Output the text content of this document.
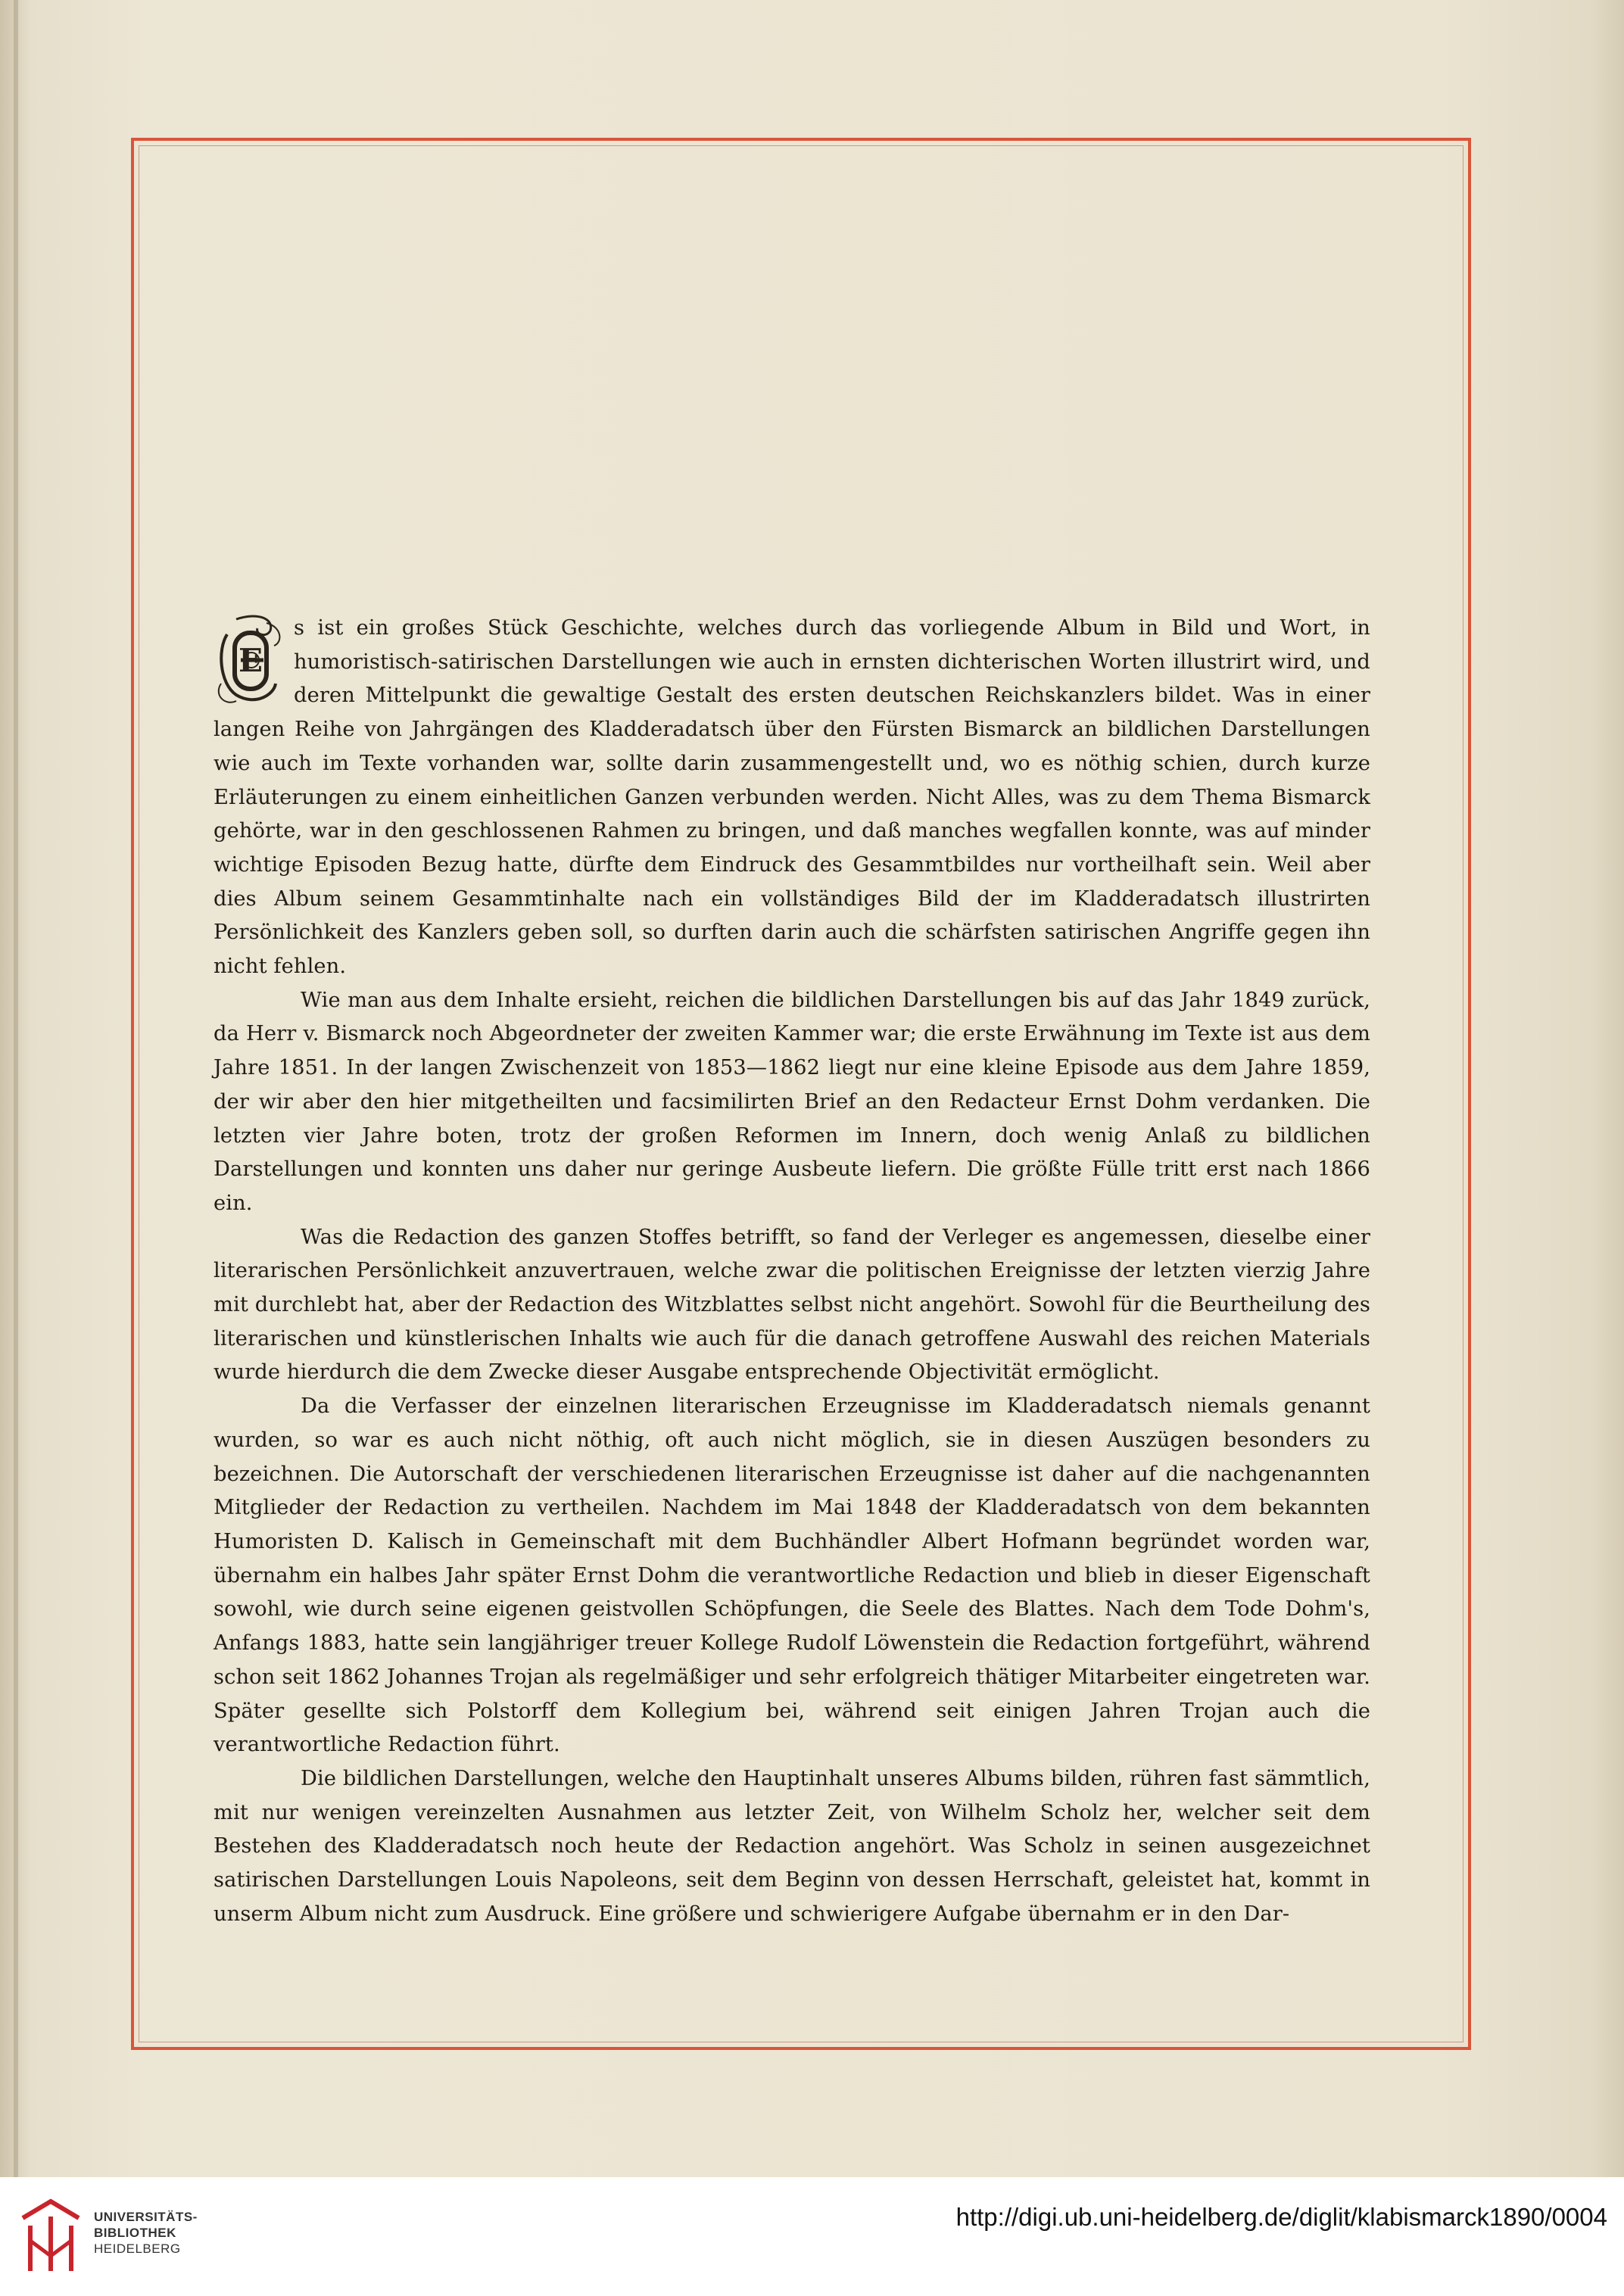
E
s ist ein großes Stück Geschichte, welches durch das vorliegende Album in Bild und Wort, in humoristisch-satirischen Darstellungen wie auch in ernsten dichterischen Worten illustrirt wird, und deren Mittelpunkt die gewaltige Gestalt des ersten deutschen Reichskanzlers bildet. Was in einer langen Reihe von Jahrgängen des Kladderadatsch über den Fürsten Bismarck an bildlichen Darstellungen wie auch im Texte vorhanden war, sollte darin zusammengestellt und, wo es nöthig schien, durch kurze Erläuterungen zu einem einheitlichen Ganzen verbunden werden. Nicht Alles, was zu dem Thema Bismarck gehörte, war in den geschlossenen Rahmen zu bringen, und daß manches wegfallen konnte, was auf minder wichtige Episoden Bezug hatte, dürfte dem Eindruck des Gesammtbildes nur vortheilhaft sein. Weil aber dies Album seinem Gesammtinhalte nach ein vollständiges Bild der im Kladderadatsch illustrirten Persönlichkeit des Kanzlers geben soll, so durften darin auch die schärfsten satirischen Angriffe gegen ihn nicht fehlen.

Wie man aus dem Inhalte ersieht, reichen die bildlichen Darstellungen bis auf das Jahr 1849 zurück, da Herr v. Bismarck noch Abgeordneter der zweiten Kammer war; die erste Erwähnung im Texte ist aus dem Jahre 1851. In der langen Zwischenzeit von 1853—1862 liegt nur eine kleine Episode aus dem Jahre 1859, der wir aber den hier mitgetheilten und facsimilirten Brief an den Redacteur Ernst Dohm verdanken. Die letzten vier Jahre boten, trotz der großen Reformen im Innern, doch wenig Anlaß zu bildlichen Darstellungen und konnten uns daher nur geringe Ausbeute liefern. Die größte Fülle tritt erst nach 1866 ein.

Was die Redaction des ganzen Stoffes betrifft, so fand der Verleger es angemessen, dieselbe einer literarischen Persönlichkeit anzuvertrauen, welche zwar die politischen Ereignisse der letzten vierzig Jahre mit durchlebt hat, aber der Redaction des Witzblattes selbst nicht angehört. Sowohl für die Beurtheilung des literarischen und künstlerischen Inhalts wie auch für die danach getroffene Auswahl des reichen Materials wurde hierdurch die dem Zwecke dieser Ausgabe entsprechende Objectivität ermöglicht.

Da die Verfasser der einzelnen literarischen Erzeugnisse im Kladderadatsch niemals genannt wurden, so war es auch nicht nöthig, oft auch nicht möglich, sie in diesen Auszügen besonders zu bezeichnen. Die Autorschaft der verschiedenen literarischen Erzeugnisse ist daher auf die nachgenannten Mitglieder der Redaction zu vertheilen. Nachdem im Mai 1848 der Kladderadatsch von dem bekannten Humoristen D. Kalisch in Gemeinschaft mit dem Buchhändler Albert Hofmann begründet worden war, übernahm ein halbes Jahr später Ernst Dohm die verantwortliche Redaction und blieb in dieser Eigenschaft sowohl, wie durch seine eigenen geistvollen Schöpfungen, die Seele des Blattes. Nach dem Tode Dohm's, Anfangs 1883, hatte sein langjähriger treuer Kollege Rudolf Löwenstein die Redaction fortgeführt, während schon seit 1862 Johannes Trojan als regelmäßiger und sehr erfolgreich thätiger Mitarbeiter eingetreten war. Später gesellte sich Polstorff dem Kollegium bei, während seit einigen Jahren Trojan auch die verantwortliche Redaction führt.

Die bildlichen Darstellungen, welche den Hauptinhalt unseres Albums bilden, rühren fast sämmtlich, mit nur wenigen vereinzelten Ausnahmen aus letzter Zeit, von Wilhelm Scholz her, welcher seit dem Bestehen des Kladderadatsch noch heute der Redaction angehört. Was Scholz in seinen ausgezeichnet satirischen Darstellungen Louis Napoleons, seit dem Beginn von dessen Herrschaft, geleistet hat, kommt in unserm Album nicht zum Ausdruck. Eine größere und schwierigere Aufgabe übernahm er in den Dar-

UNIVERSITÄTS-
BIBLIOTHEK
HEIDELBERG
http://digi.ub.uni-heidelberg.de/diglit/klabismarck1890/0004
